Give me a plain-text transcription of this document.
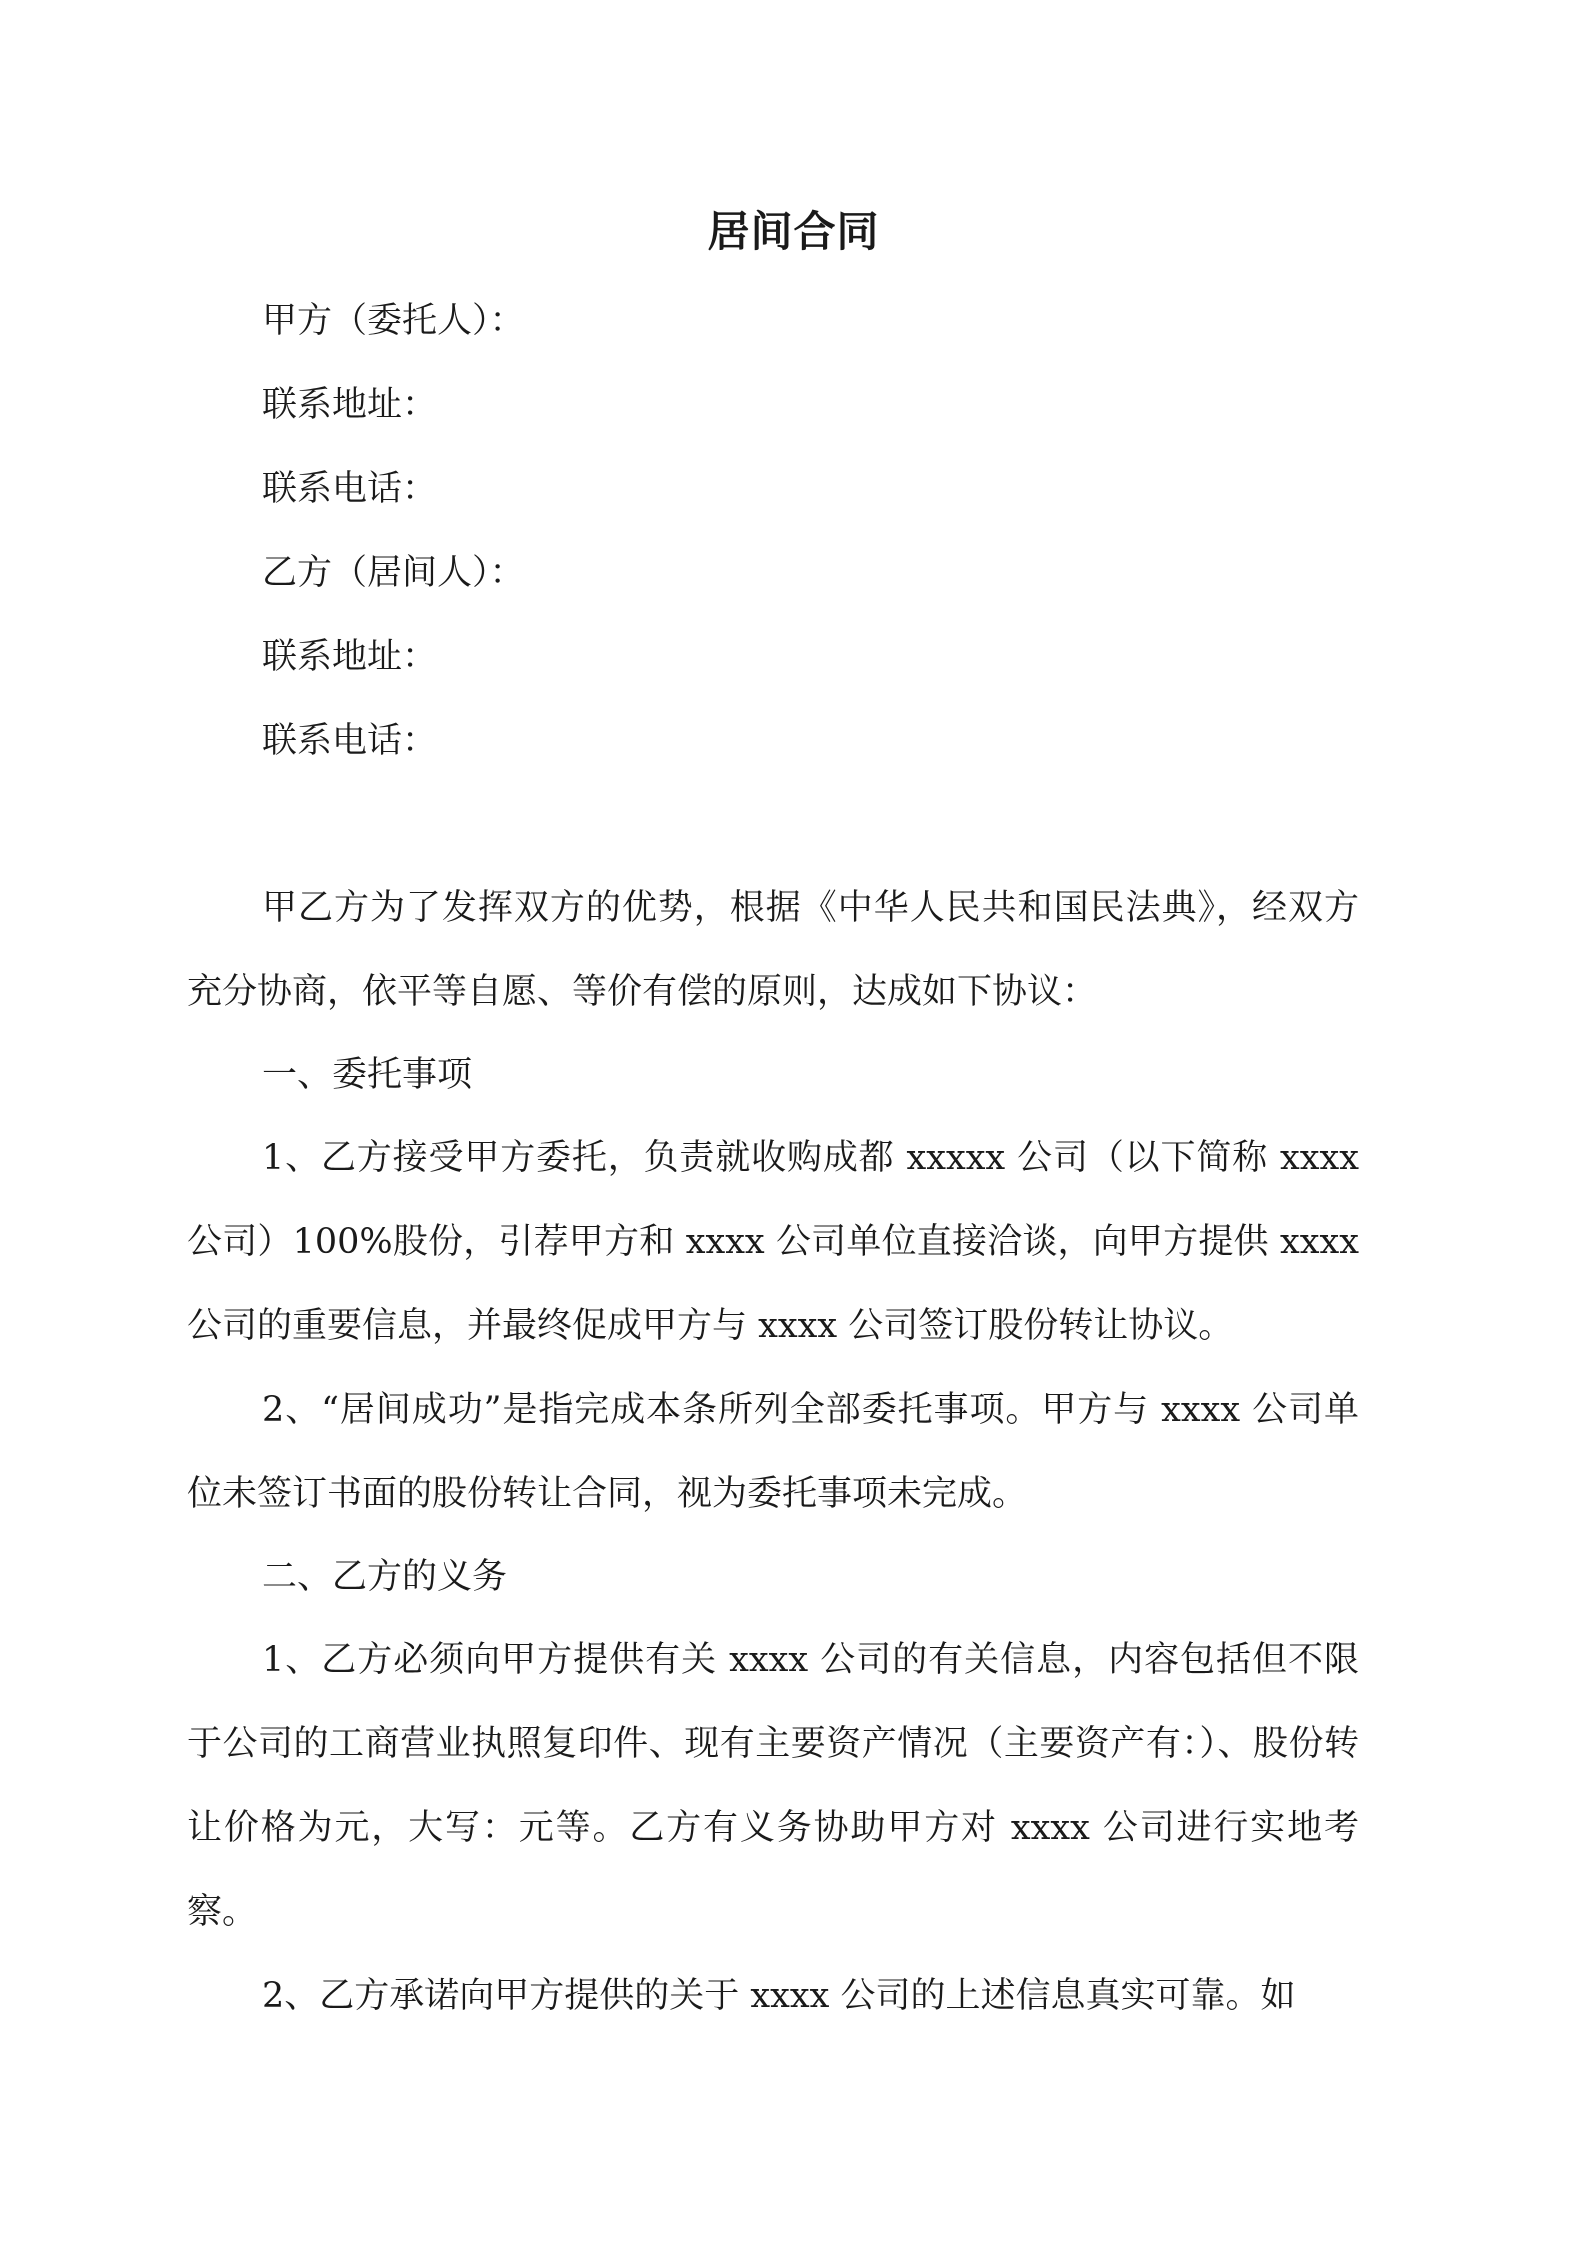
居间合同
甲方（委托人）：
联系地址：
联系电话：
乙方（居间人）：
联系地址：
联系电话：
甲乙方为了发挥双方的优势，根据《中华人民共和国民法典》，经双方充分协商，依平等自愿、等价有偿的原则，达成如下协议：
一、委托事项
1、乙方接受甲方委托，负责就收购成都 xxxxx 公司（以下简称 xxxx 公司）100%股份，引荐甲方和 xxxx 公司单位直接洽谈，向甲方提供 xxxx 公司的重要信息，并最终促成甲方与 xxxx 公司签订股份转让协议。
2、“居间成功”是指完成本条所列全部委托事项。甲方与 xxxx 公司单位未签订书面的股份转让合同，视为委托事项未完成。
二、乙方的义务
1、乙方必须向甲方提供有关 xxxx 公司的有关信息，内容包括但不限于公司的工商营业执照复印件、现有主要资产情况（主要资产有：）、股份转让价格为元，大写：元等。乙方有义务协助甲方对 xxxx 公司进行实地考察。
2、乙方承诺向甲方提供的关于 xxxx 公司的上述信息真实可靠。如
